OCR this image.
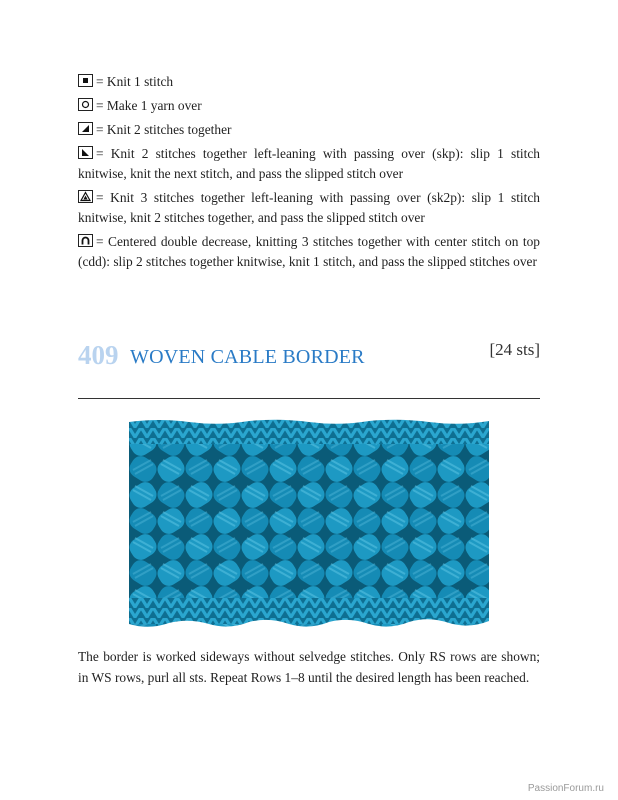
= Knit 1 stitch
= Make 1 yarn over
= Knit 2 stitches together
= Knit 2 stitches together left-leaning with passing over (skp): slip 1 stitch knitwise, knit the next stitch, and pass the slipped stitch over
= Knit 3 stitches together left-leaning with passing over (sk2p): slip 1 stitch knitwise, knit 2 stitches together, and pass the slipped stitch over
= Centered double decrease, knitting 3 stitches together with center stitch on top (cdd): slip 2 stitches together knitwise, knit 1 stitch, and pass the slipped stitches over
409 WOVEN CABLE BORDER	[24 sts]
The border is worked sideways without selvedge stitches. Only RS rows are shown; in WS rows, purl all sts. Repeat Rows 1–8 until the desired length has been reached.
PassionForum.ru
